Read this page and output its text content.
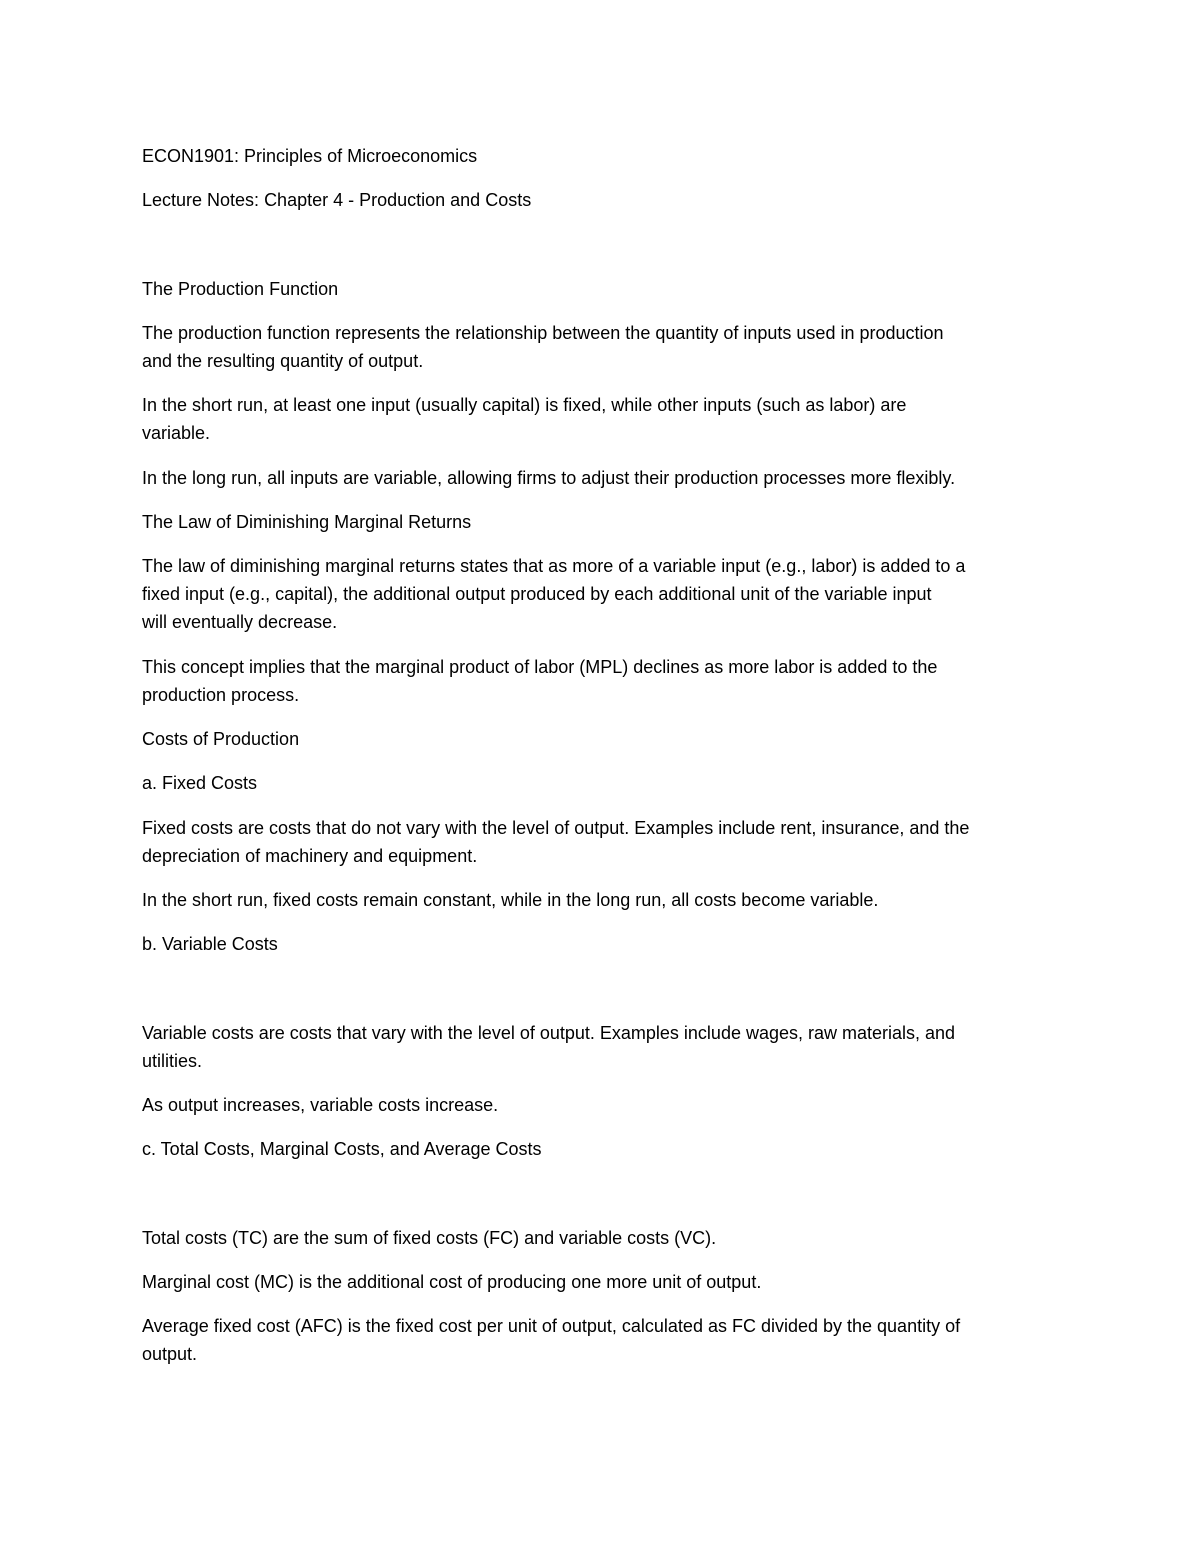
ECON1901: Principles of Microeconomics
Lecture Notes: Chapter 4 - Production and Costs
The Production Function
The production function represents the relationship between the quantity of inputs used in production
and the resulting quantity of output.
In the short run, at least one input (usually capital) is fixed, while other inputs (such as labor) are
variable.
In the long run, all inputs are variable, allowing firms to adjust their production processes more flexibly.
The Law of Diminishing Marginal Returns
The law of diminishing marginal returns states that as more of a variable input (e.g., labor) is added to a
fixed input (e.g., capital), the additional output produced by each additional unit of the variable input
will eventually decrease.
This concept implies that the marginal product of labor (MPL) declines as more labor is added to the
production process.
Costs of Production
a. Fixed Costs
Fixed costs are costs that do not vary with the level of output. Examples include rent, insurance, and the
depreciation of machinery and equipment.
In the short run, fixed costs remain constant, while in the long run, all costs become variable.
b. Variable Costs
Variable costs are costs that vary with the level of output. Examples include wages, raw materials, and
utilities.
As output increases, variable costs increase.
c. Total Costs, Marginal Costs, and Average Costs
Total costs (TC) are the sum of fixed costs (FC) and variable costs (VC).
Marginal cost (MC) is the additional cost of producing one more unit of output.
Average fixed cost (AFC) is the fixed cost per unit of output, calculated as FC divided by the quantity of
output.
